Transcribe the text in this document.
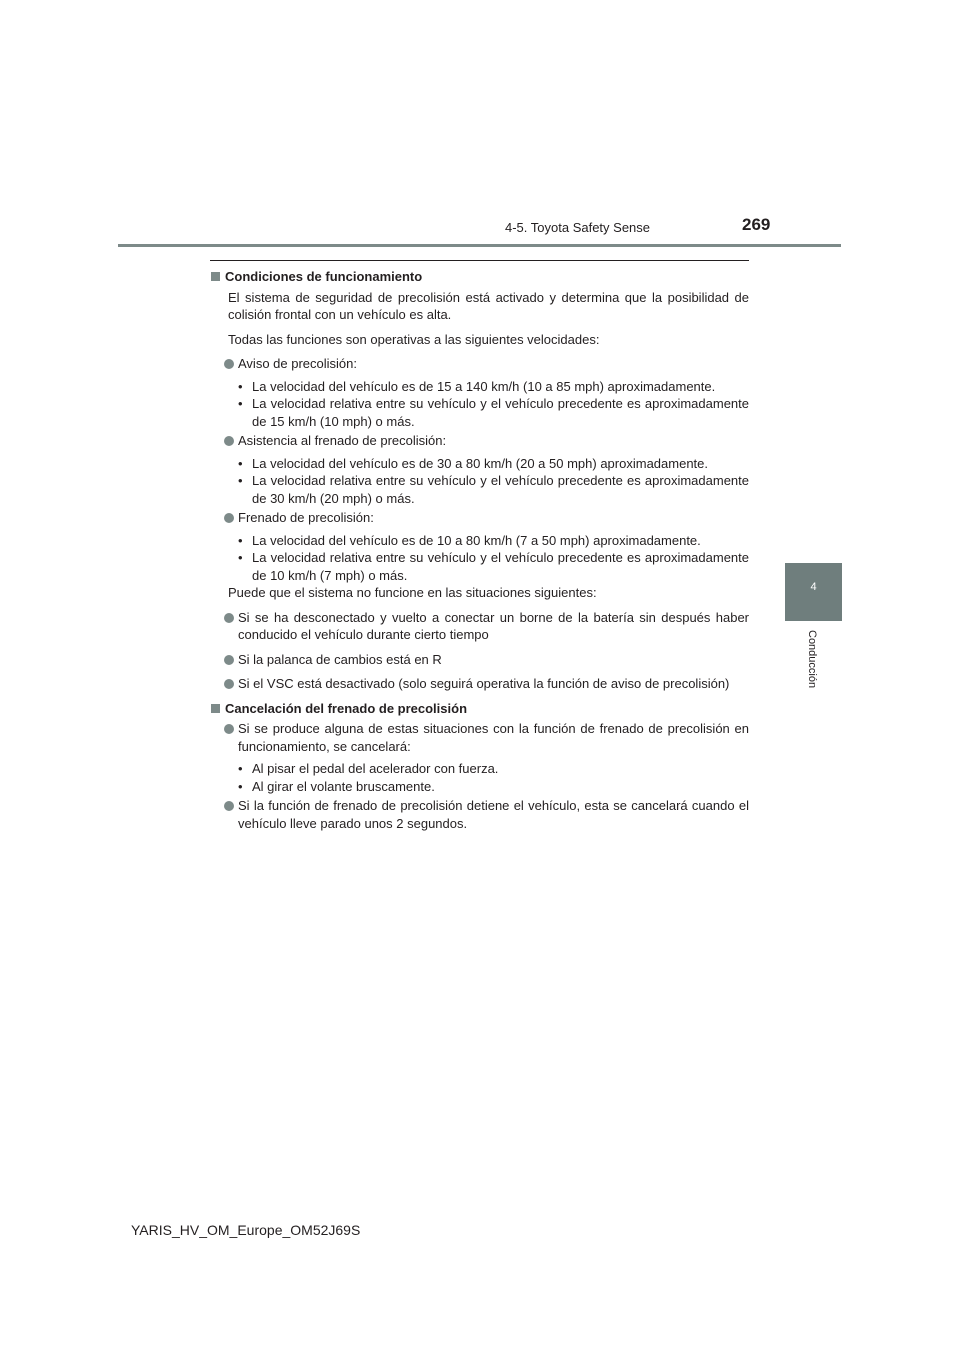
4-5. Toyota Safety Sense	269
4
Conducción
Condiciones de funcionamiento
El sistema de seguridad de precolisión está activado y determina que la posibilidad de colisión frontal con un vehículo es alta.
Todas las funciones son operativas a las siguientes velocidades:
Aviso de precolisión:
• La velocidad del vehículo es de 15 a 140 km/h (10 a 85 mph) aproximadamente.
• La velocidad relativa entre su vehículo y el vehículo precedente es aproximadamente de 15 km/h (10 mph) o más.
Asistencia al frenado de precolisión:
• La velocidad del vehículo es de 30 a 80 km/h (20 a 50 mph) aproximadamente.
• La velocidad relativa entre su vehículo y el vehículo precedente es aproximadamente de 30 km/h (20 mph) o más.
Frenado de precolisión:
• La velocidad del vehículo es de 10 a 80 km/h (7 a 50 mph) aproximadamente.
• La velocidad relativa entre su vehículo y el vehículo precedente es aproximadamente de 10 km/h (7 mph) o más.
Puede que el sistema no funcione en las situaciones siguientes:
Si se ha desconectado y vuelto a conectar un borne de la batería sin después haber conducido el vehículo durante cierto tiempo
Si la palanca de cambios está en R
Si el VSC está desactivado (solo seguirá operativa la función de aviso de precolisión)
Cancelación del frenado de precolisión
Si se produce alguna de estas situaciones con la función de frenado de precolisión en funcionamiento, se cancelará:
• Al pisar el pedal del acelerador con fuerza.
• Al girar el volante bruscamente.
Si la función de frenado de precolisión detiene el vehículo, esta se cancelará cuando el vehículo lleve parado unos 2 segundos.
YARIS_HV_OM_Europe_OM52J69S
